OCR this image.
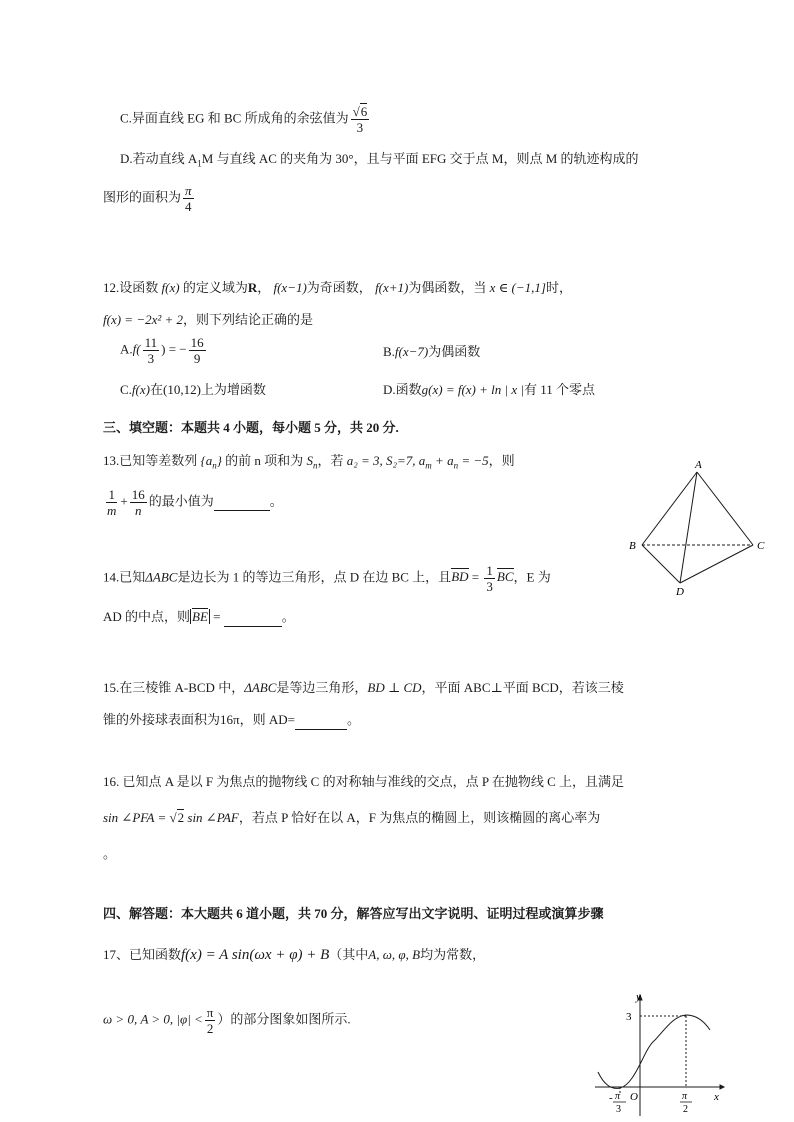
C.异面直线 EG 和 BC 所成角的余弦值为 $\frac{√6}{3}$
D.若动直线 $A_1M$ 与直线 AC 的夹角为 30°，且与平面 EFG 交于点 M，则点 M 的轨迹构成的
图形的面积为 $\frac{\pi}{4}$
12.设函数 f(x) 的定义域为R， f(x−1)为奇函数， f(x+1)为偶函数，当 x ∈ (−1,1]时，
f(x) = −2x² + 2，则下列结论正确的是
$A.f( \frac{11}{3}$ ) = − $\frac{16}{9}$	B.f(x−7)为偶函数
C.f(x)在(10,12)上为增函数	D.函数g(x) = f(x) + ln | x |有 11 个零点
三、填空题：本题共 4 小题，每小题 5 分，共 20 分.
13.已知等差数列 $\{a_n\}$ 的前 n 项和为 $S_n$，若 a₂ = 3, S₂=7, $a_m + a_n = -5$，则
$\frac{1}{m} + \frac{16}{n}$ 的最小值为	。
14.已知ΔABC是边长为 1 的等边三角形，点 D 在边 BC 上，且BD = $\frac{1}{3}$ BC，E 为
AD 的中点，则 BE =	。
15.在三棱锥 A-BCD 中，ΔABC是等边三角形，BD ⊥ CD，平面 ABC⊥平面 BCD，若该三棱
锥的外接球表面积为16π，则 AD=	。
16. 已知点 A 是以 F 为焦点的抛物线 C 的对称轴与准线的交点，点 P 在抛物线 C 上，且满足
sin ∠PFA = √2 sin ∠PAF，若点 P 恰好在以 A，F 为焦点的椭圆上，则该椭圆的离心率为
。
四、解答题：本大题共 6 道小题，共 70 分，解答应写出文字说明、证明过程或演算步骤
17、已知函数f(x) = A sin(ωx + φ) + B（其中A, ω, φ, B均为常数，
ω > 0, A > 0, $|\varphi| < \frac{\pi}{2}$ ）的部分图象如图所示.
A
B	C
D
y
x
O
3
- π
3
π
2
